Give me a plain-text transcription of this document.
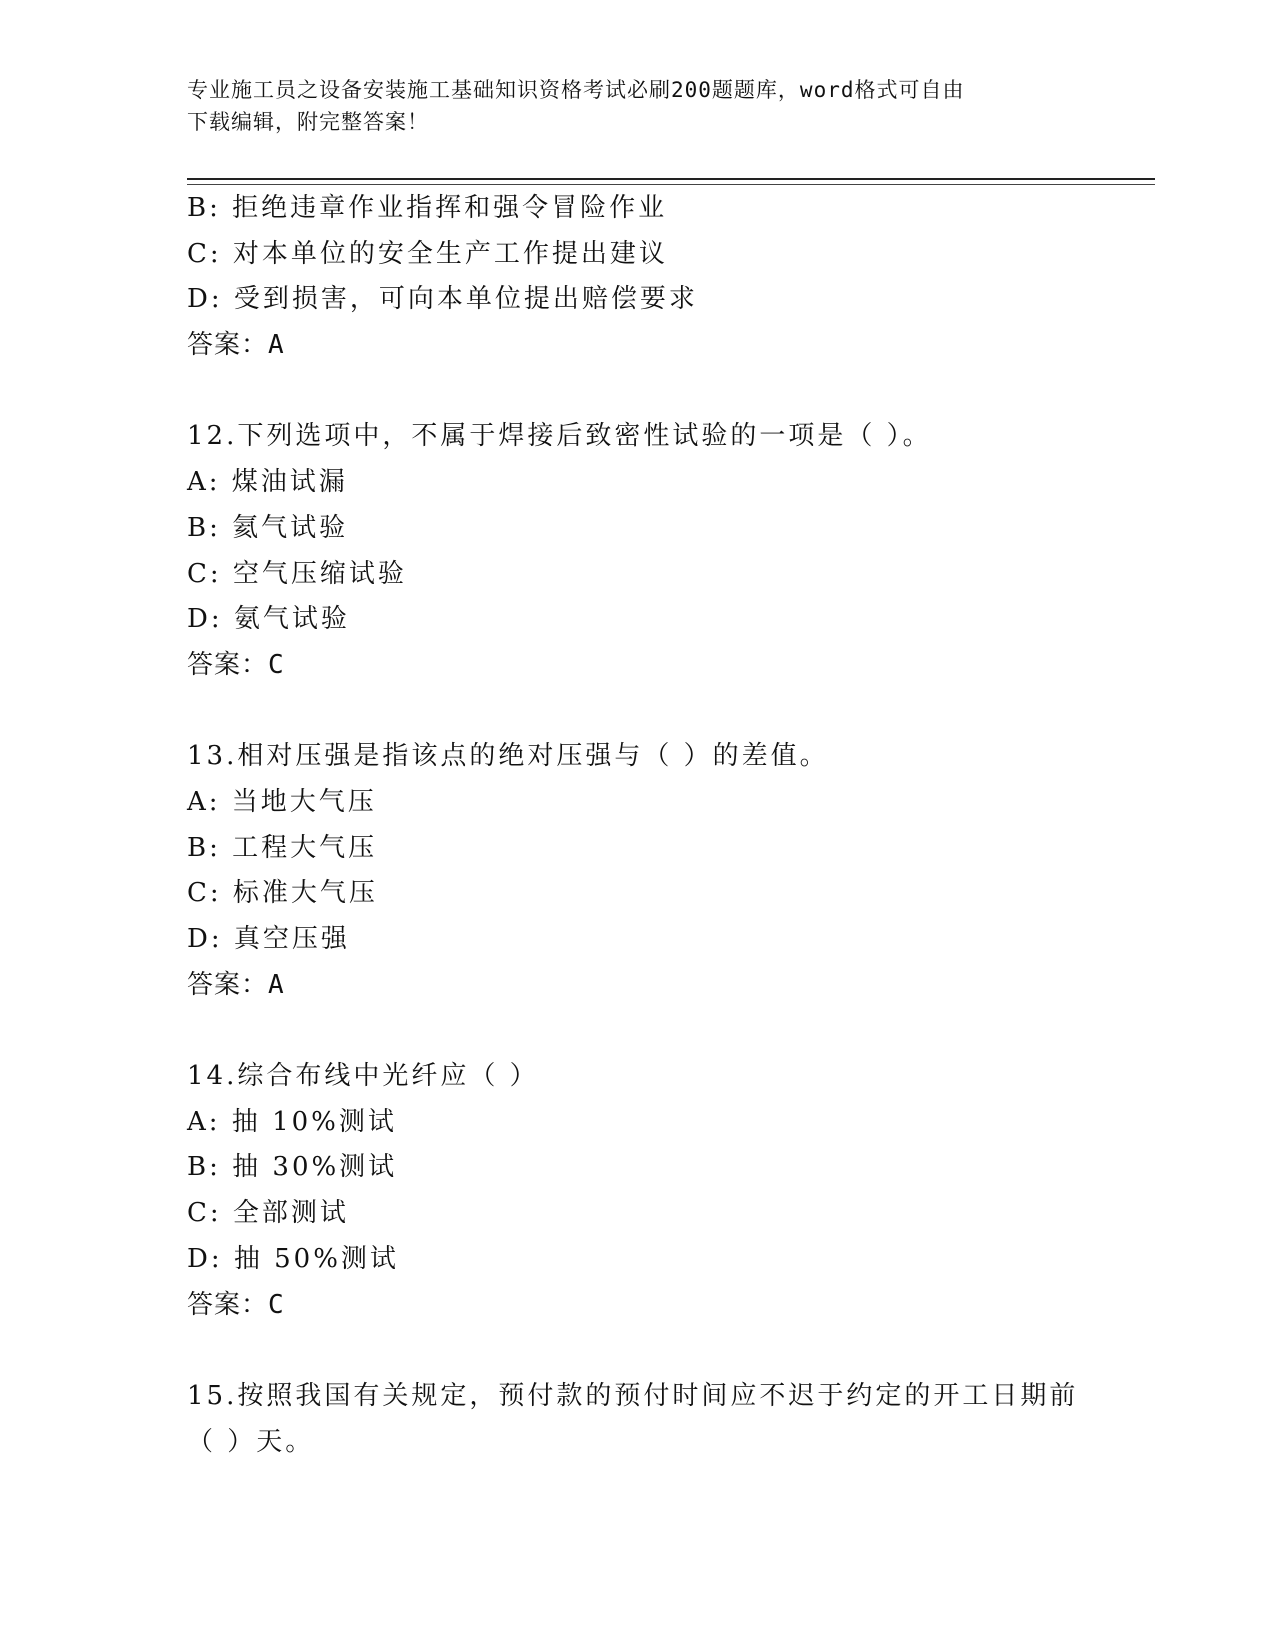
专业施工员之设备安装施工基础知识资格考试必刷200题题库，word格式可自由
下载编辑，附完整答案！
B: 拒绝违章作业指挥和强令冒险作业
C: 对本单位的安全生产工作提出建议
D: 受到损害，可向本单位提出赔偿要求
答案：A
12.下列选项中，不属于焊接后致密性试验的一项是（ ）。
A: 煤油试漏
B: 氦气试验
C: 空气压缩试验
D: 氨气试验
答案：C
13.相对压强是指该点的绝对压强与（ ）的差值。
A: 当地大气压
B: 工程大气压
C: 标准大气压
D: 真空压强
答案：A
14.综合布线中光纤应（ ）
A: 抽 10%测试
B: 抽 30%测试
C: 全部测试
D: 抽 50%测试
答案：C
15.按照我国有关规定，预付款的预付时间应不迟于约定的开工日期前
（ ）天。
